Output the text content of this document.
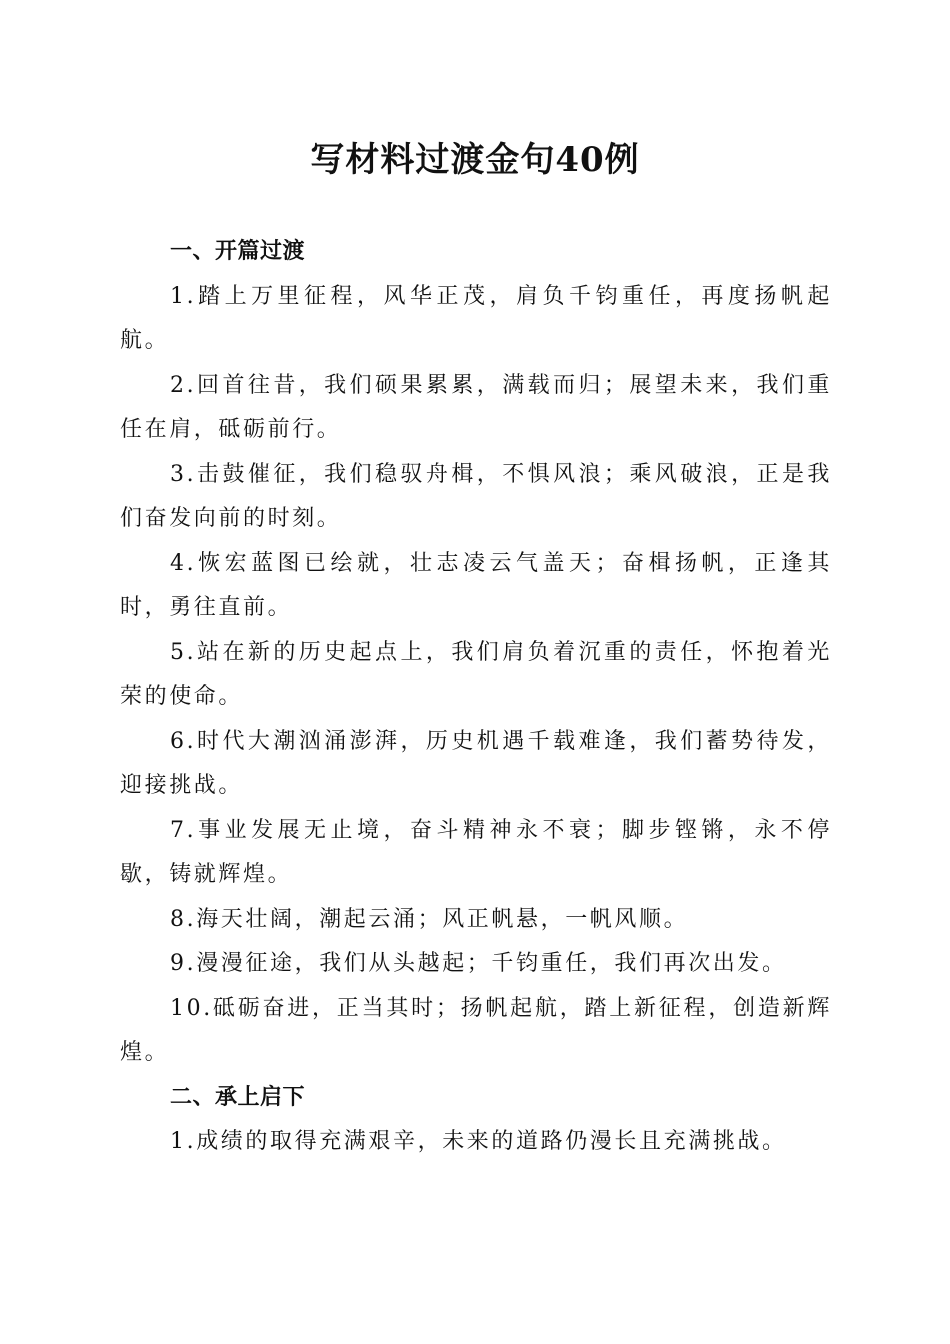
写材料过渡金句40例

一、开篇过渡

1.踏上万里征程，风华正茂，肩负千钧重任，再度扬帆起航。

2.回首往昔，我们硕果累累，满载而归；展望未来，我们重任在肩，砥砺前行。

3.击鼓催征，我们稳驭舟楫，不惧风浪；乘风破浪，正是我们奋发向前的时刻。

4.恢宏蓝图已绘就，壮志凌云气盖天；奋楫扬帆，正逢其时，勇往直前。

5.站在新的历史起点上，我们肩负着沉重的责任，怀抱着光荣的使命。

6.时代大潮汹涌澎湃，历史机遇千载难逢，我们蓄势待发，迎接挑战。

7.事业发展无止境，奋斗精神永不衰；脚步铿锵，永不停歇，铸就辉煌。

8.海天壮阔，潮起云涌；风正帆悬，一帆风顺。

9.漫漫征途，我们从头越起；千钧重任，我们再次出发。

10.砥砺奋进，正当其时；扬帆起航，踏上新征程，创造新辉煌。

二、承上启下

1.成绩的取得充满艰辛，未来的道路仍漫长且充满挑战。
